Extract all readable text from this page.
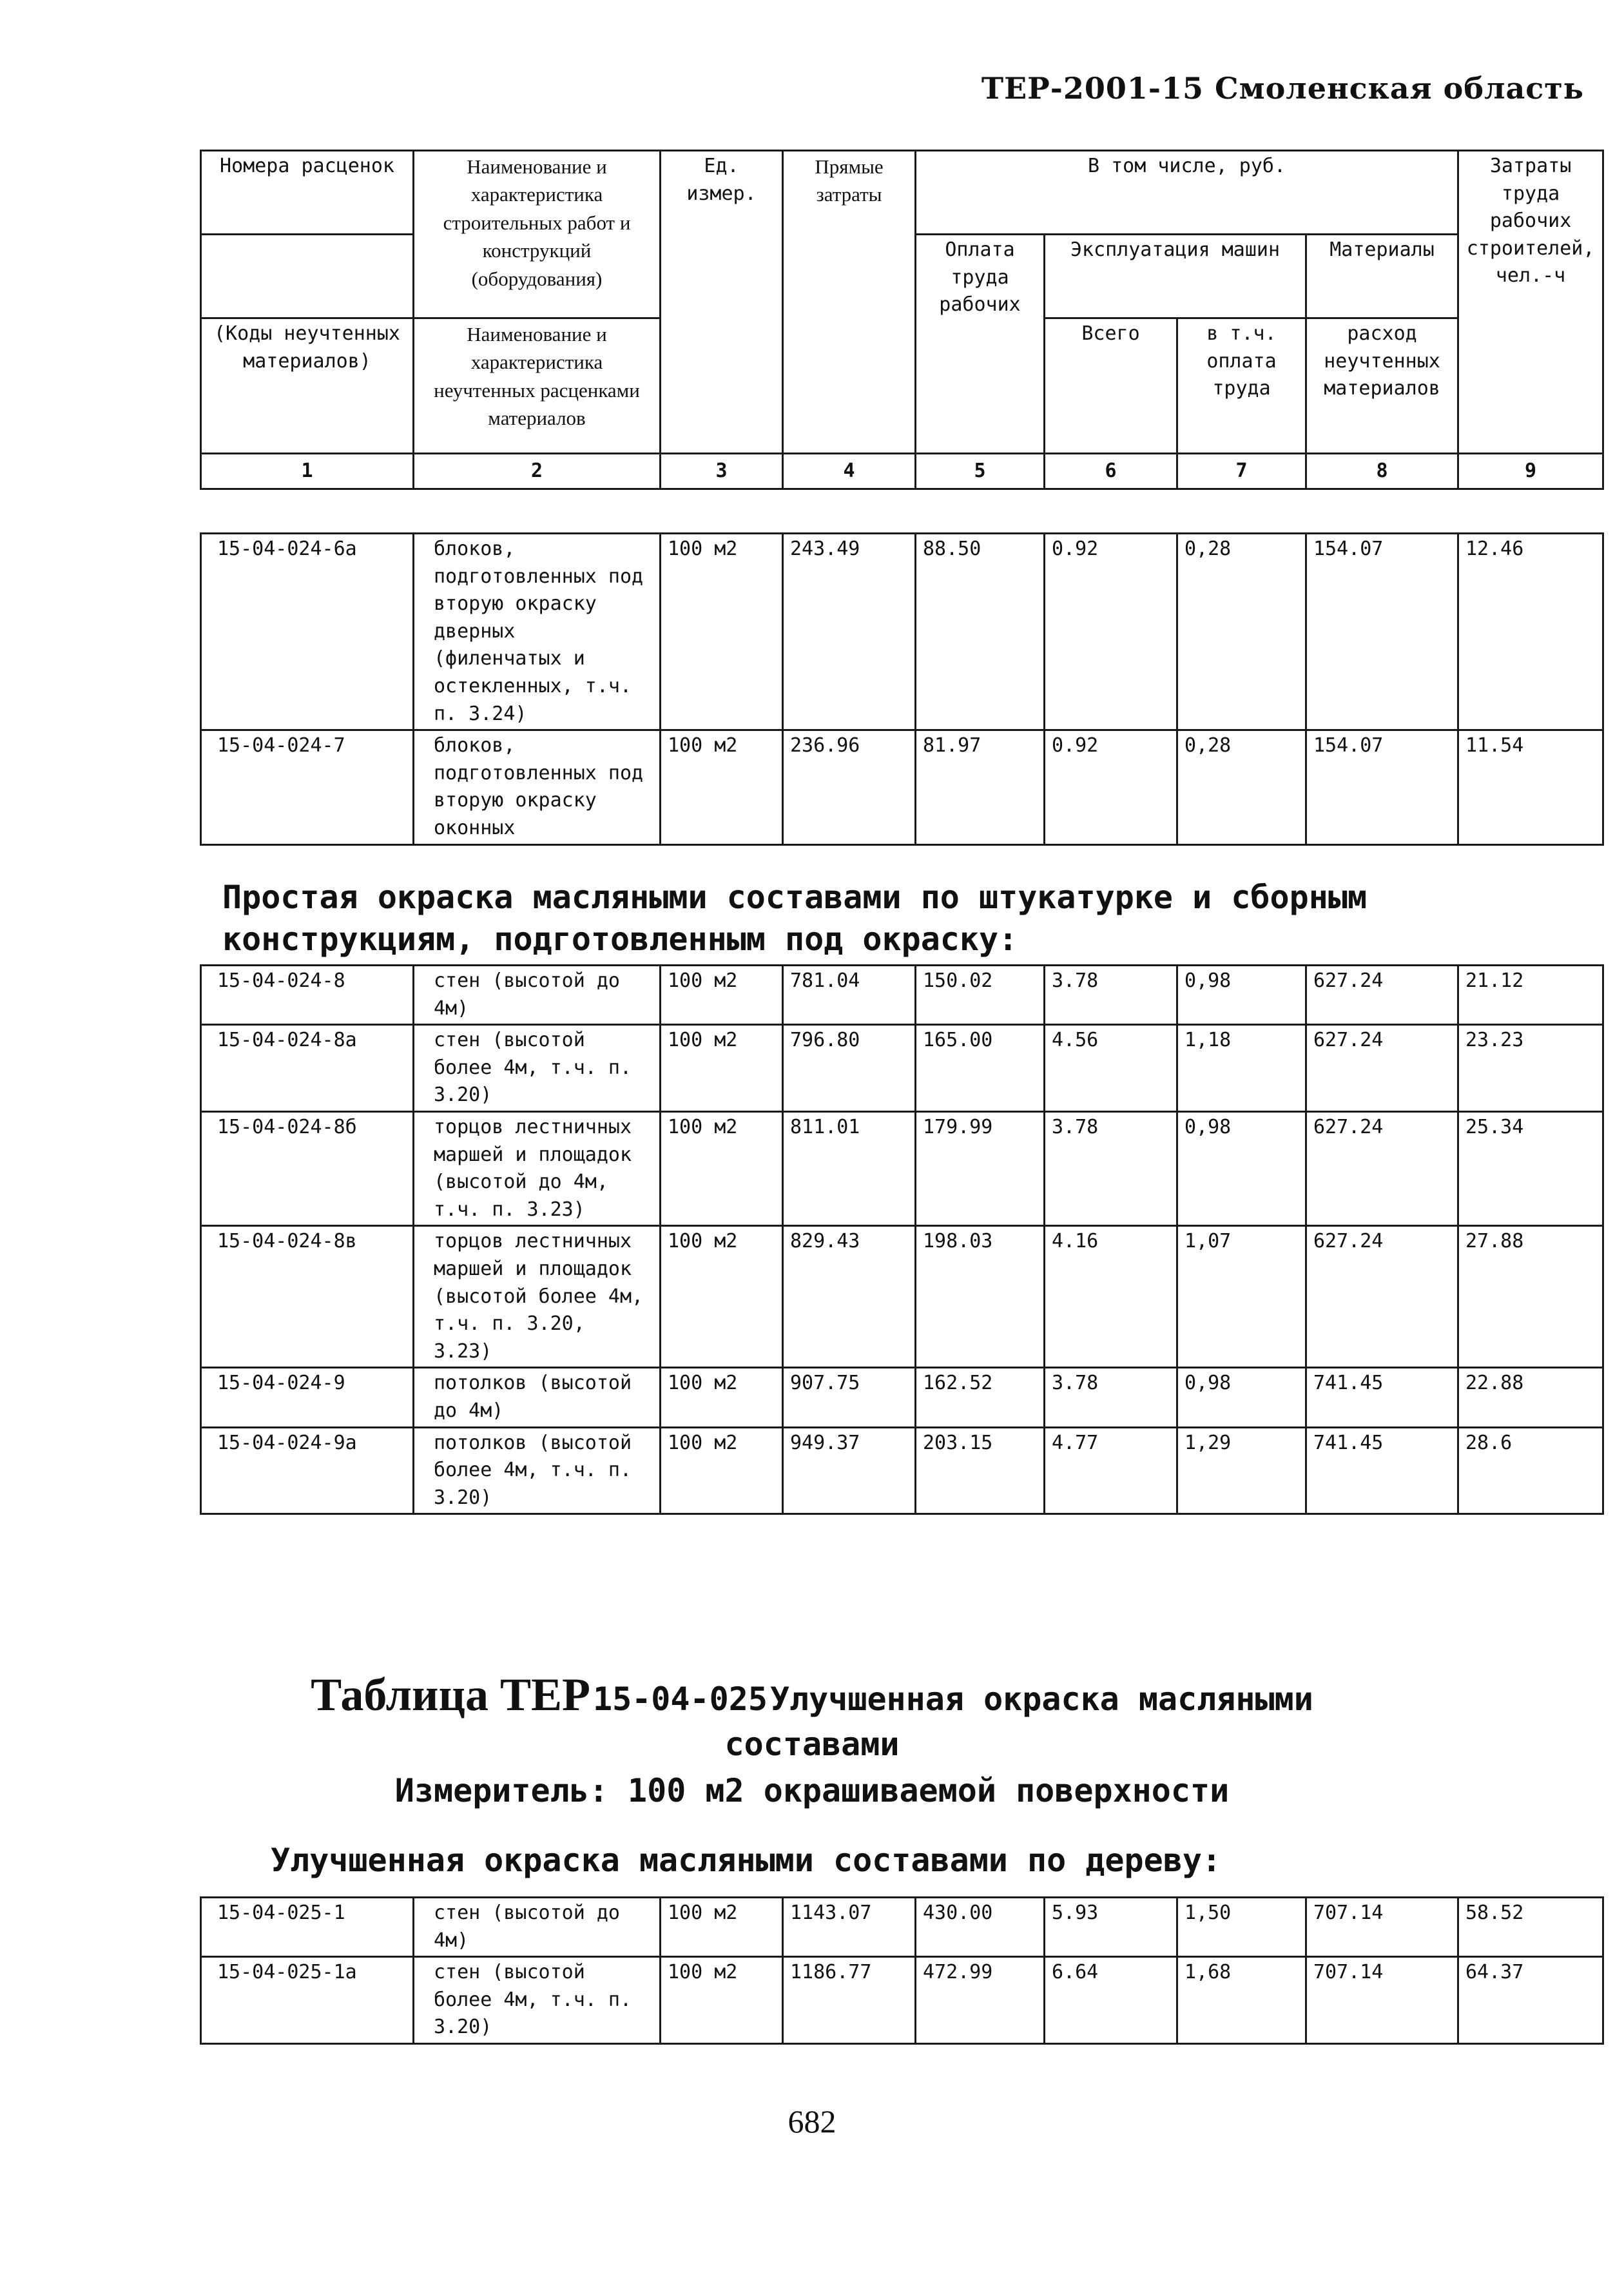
ТЕР-2001-15 Смоленская область
Номера расценок	Наименование и характеристика строительных работ и конструкций (оборудования)	Ед. измер.	Прямые затраты	В том числе, руб.				Затраты труда рабочих строителей, чел.-ч
				Оплата труда рабочих	Эксплуатация машин		Материалы	
(Коды неучтенных материалов)	Наименование и характеристика неучтенных расценками материалов				Всего	в т.ч. оплата труда	расход неучтенных материалов	
1	2	3	4	5	6	7	8	9
15-04-024-6а	блоков, подготовленных под вторую окраску дверных (филенчатых и остекленных, т.ч. п. 3.24)	100 м2	243.49	88.50	0.92	0,28	154.07	12.46
15-04-024-7	блоков, подготовленных под вторую окраску оконных	100 м2	236.96	81.97	0.92	0,28	154.07	11.54
Простая окраска масляными составами по штукатурке и сборным конструкциям, подготовленным под окраску:
15-04-024-8	стен (высотой до 4м)	100 м2	781.04	150.02	3.78	0,98	627.24	21.12
15-04-024-8а	стен (высотой более 4м, т.ч. п. 3.20)	100 м2	796.80	165.00	4.56	1,18	627.24	23.23
15-04-024-8б	торцов лестничных маршей и площадок (высотой до 4м, т.ч. п. 3.23)	100 м2	811.01	179.99	3.78	0,98	627.24	25.34
15-04-024-8в	торцов лестничных маршей и площадок (высотой более 4м, т.ч. п. 3.20, 3.23)	100 м2	829.43	198.03	4.16	1,07	627.24	27.88
15-04-024-9	потолков (высотой до 4м)	100 м2	907.75	162.52	3.78	0,98	741.45	22.88
15-04-024-9а	потолков (высотой более 4м, т.ч. п. 3.20)	100 м2	949.37	203.15	4.77	1,29	741.45	28.6
Таблица ТЕР 15-04-025 Улучшенная окраска масляными
составами
Измеритель: 100 м2 окрашиваемой поверхности
Улучшенная окраска масляными составами по дереву:
15-04-025-1	стен (высотой до 4м)	100 м2	1143.07	430.00	5.93	1,50	707.14	58.52
15-04-025-1а	стен (высотой более 4м, т.ч. п. 3.20)	100 м2	1186.77	472.99	6.64	1,68	707.14	64.37
682
